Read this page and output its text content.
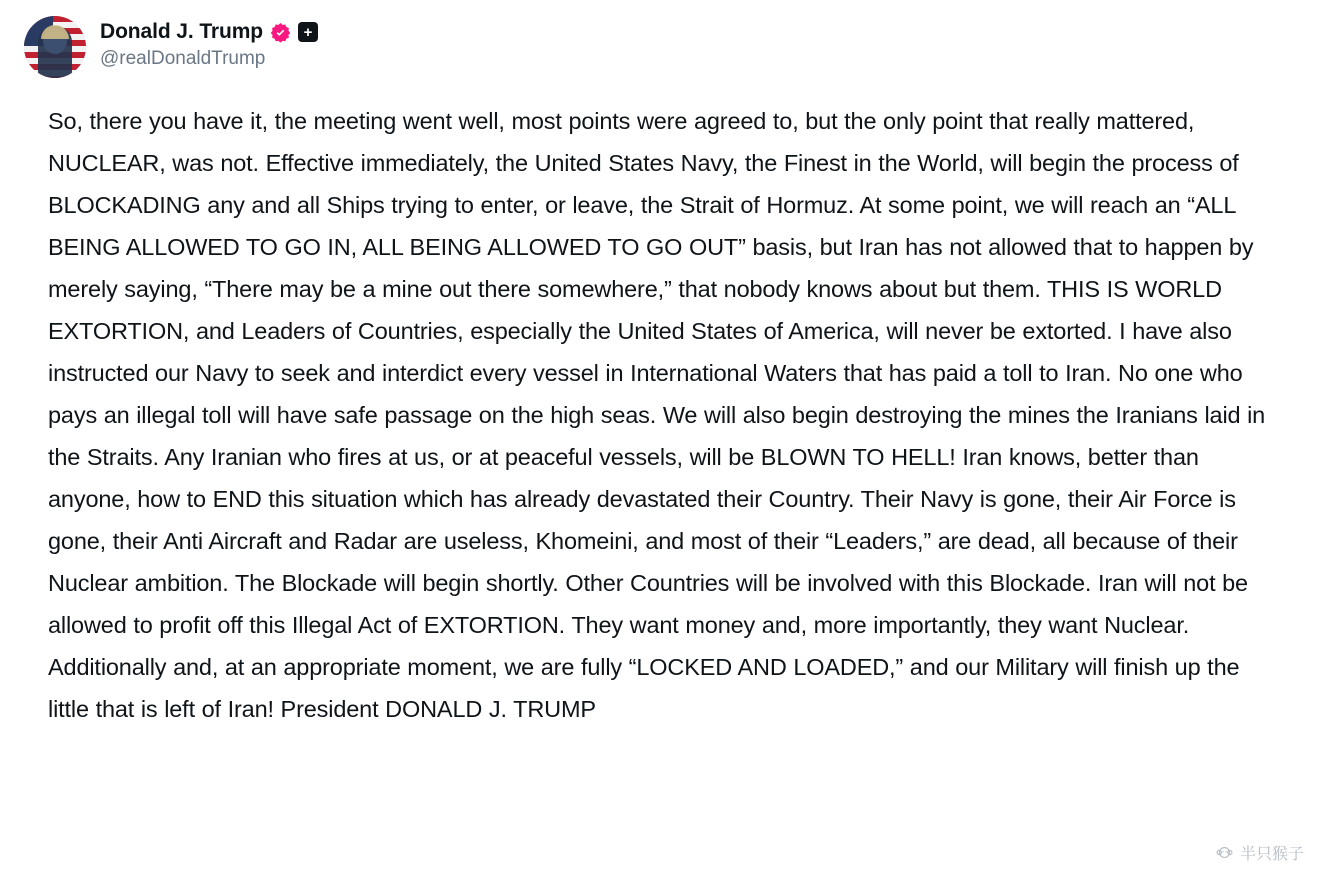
Donald J. Trump	+
@realDonaldTrump
So, there you have it, the meeting went well, most points were agreed to, but the only point that really mattered, NUCLEAR, was not. Effective immediately, the United States Navy, the Finest in the World, will begin the process of BLOCKADING any and all Ships trying to enter, or leave, the Strait of Hormuz. At some point, we will reach an “ALL BEING ALLOWED TO GO IN, ALL BEING ALLOWED TO GO OUT” basis, but Iran has not allowed that to happen by merely saying, “There may be a mine out there somewhere,” that nobody knows about but them. THIS IS WORLD EXTORTION, and Leaders of Countries, especially the United States of America, will never be extorted. I have also instructed our Navy to seek and interdict every vessel in International Waters that has paid a toll to Iran. No one who pays an illegal toll will have safe passage on the high seas. We will also begin destroying the mines the Iranians laid in the Straits. Any Iranian who fires at us, or at peaceful vessels, will be BLOWN TO HELL! Iran knows, better than anyone, how to END this situation which has already devastated their Country. Their Navy is gone, their Air Force is gone, their Anti Aircraft and Radar are useless, Khomeini, and most of their “Leaders,” are dead, all because of their Nuclear ambition. The Blockade will begin shortly. Other Countries will be involved with this Blockade. Iran will not be allowed to profit off this Illegal Act of EXTORTION. They want money and, more importantly, they want Nuclear. Additionally and, at an appropriate moment, we are fully “LOCKED AND LOADED,” and our Military will finish up the little that is left of Iran! President DONALD J. TRUMP
半只猴子
